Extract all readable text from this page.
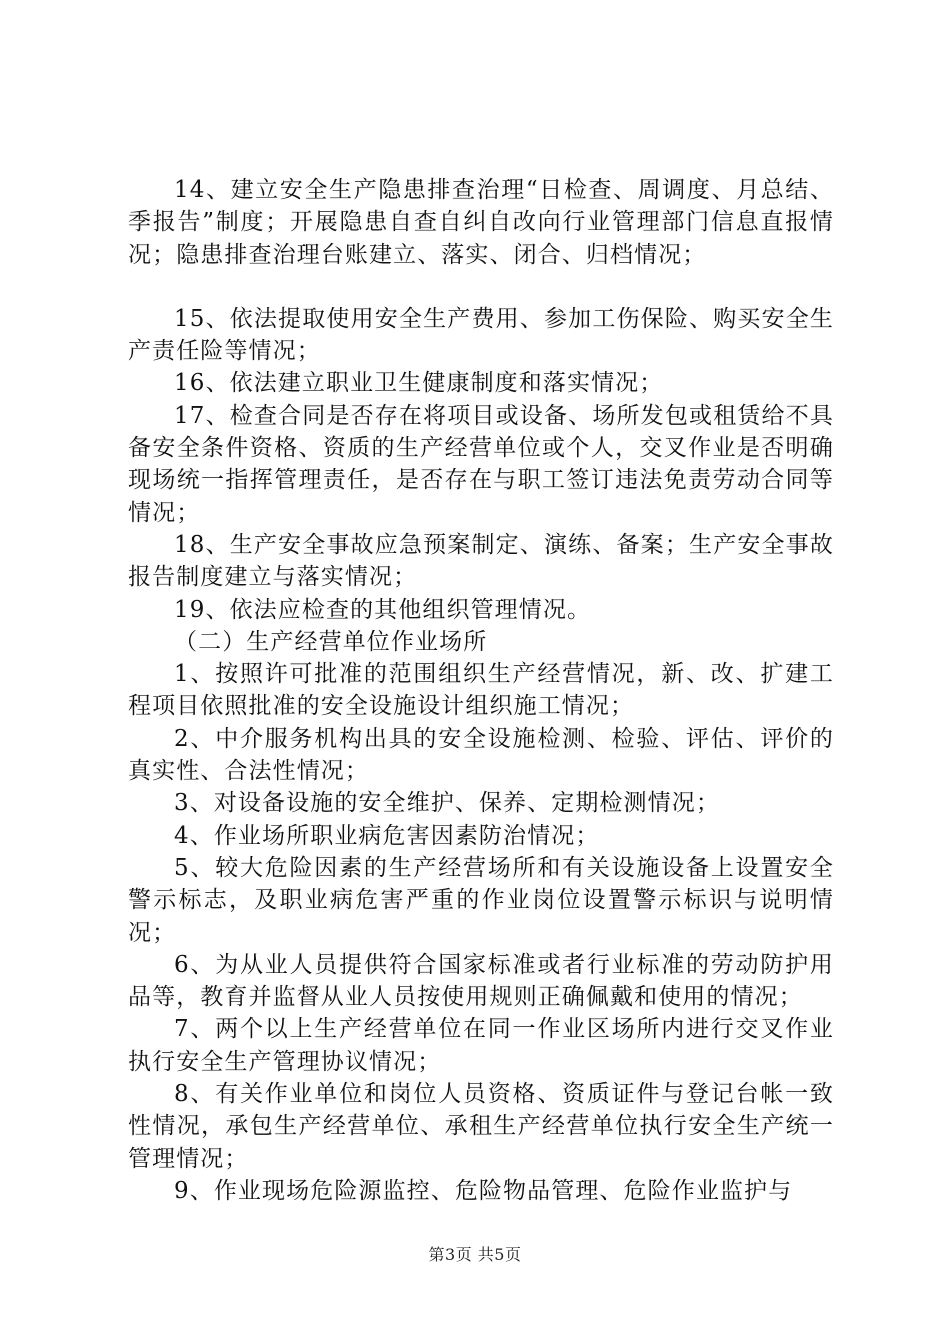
14、建立安全生产隐患排查治理“日检查、周调度、月总结、季报告”制度；开展隐患自查自纠自改向行业管理部门信息直报情况；隐患排查治理台账建立、落实、闭合、归档情况；

15、依法提取使用安全生产费用、参加工伤保险、购买安全生产责任险等情况；

16、依法建立职业卫生健康制度和落实情况；

17、检查合同是否存在将项目或设备、场所发包或租赁给不具备安全条件资格、资质的生产经营单位或个人，交叉作业是否明确现场统一指挥管理责任，是否存在与职工签订违法免责劳动合同等情况；

18、生产安全事故应急预案制定、演练、备案；生产安全事故报告制度建立与落实情况；

19、依法应检查的其他组织管理情况。

（二）生产经营单位作业场所

1、按照许可批准的范围组织生产经营情况，新、改、扩建工程项目依照批准的安全设施设计组织施工情况；

2、中介服务机构出具的安全设施检测、检验、评估、评价的真实性、合法性情况；

3、对设备设施的安全维护、保养、定期检测情况；

4、作业场所职业病危害因素防治情况；

5、较大危险因素的生产经营场所和有关设施设备上设置安全警示标志，及职业病危害严重的作业岗位设置警示标识与说明情况；

6、为从业人员提供符合国家标准或者行业标准的劳动防护用品等，教育并监督从业人员按使用规则正确佩戴和使用的情况；

7、两个以上生产经营单位在同一作业区场所内进行交叉作业执行安全生产管理协议情况；

8、有关作业单位和岗位人员资格、资质证件与登记台帐一致性情况，承包生产经营单位、承租生产经营单位执行安全生产统一管理情况；

9、作业现场危险源监控、危险物品管理、危险作业监护与

第3页 共5页
